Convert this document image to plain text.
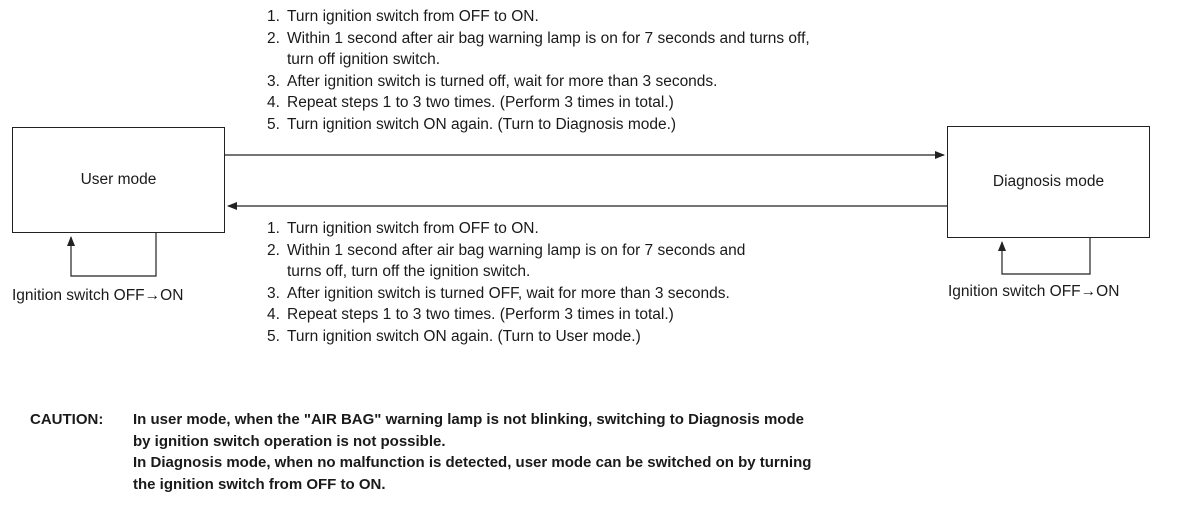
1. Turn ignition switch from OFF to ON.
2. Within 1 second after air bag warning lamp is on for 7 seconds and turns off,
turn off ignition switch.
3. After ignition switch is turned off, wait for more than 3 seconds.
4. Repeat steps 1 to 3 two times. (Perform 3 times in total.)
5. Turn ignition switch ON again. (Turn to Diagnosis mode.)
1. Turn ignition switch from OFF to ON.
2. Within 1 second after air bag warning lamp is on for 7 seconds and
turns off, turn off the ignition switch.
3. After ignition switch is turned OFF, wait for more than 3 seconds.
4. Repeat steps 1 to 3 two times. (Perform 3 times in total.)
5. Turn ignition switch ON again. (Turn to User mode.)
User mode	Diagnosis mode
Ignition switch OFF→ON	Ignition switch OFF→ON
CAUTION: In user mode, when the "AIR BAG" warning lamp is not blinking, switching to Diagnosis mode
by ignition switch operation is not possible.
In Diagnosis mode, when no malfunction is detected, user mode can be switched on by turning
the ignition switch from OFF to ON.
